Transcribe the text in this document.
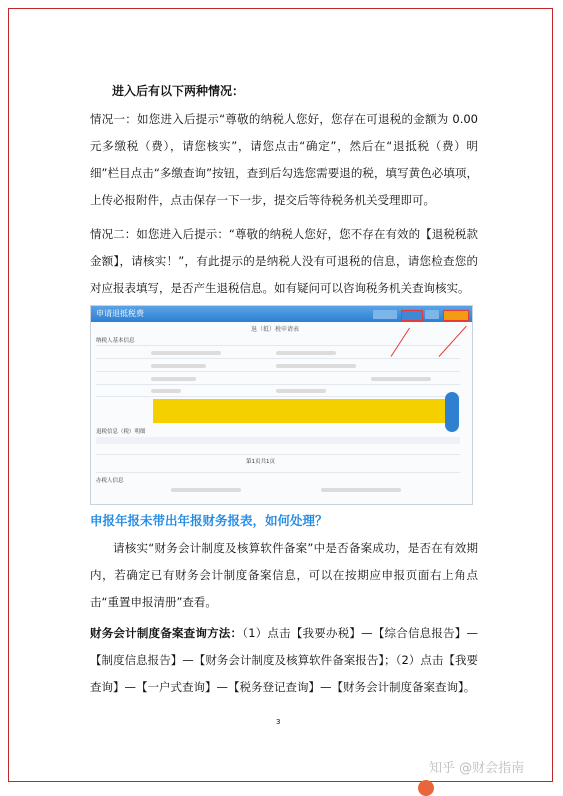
进入后有以下两种情况：
情况一：如您进入后提示“尊敬的纳税人您好，您存在可退税的金额为 0.00 元多缴税（费），请您核实”，请您点击“确定”，然后在“退抵税（费）明细”栏目点击“多缴查询”按钮，查到后勾选您需要退的税，填写黄色必填项，上传必报附件，点击保存一下一步，提交后等待税务机关受理即可。
情况二：如您进入后提示：“尊敬的纳税人您好，您不存在有效的【退税税款金额】，请核实！”，有此提示的是纳税人没有可退税的信息，请您检查您的对应报表填写，是否产生退税信息。如有疑问可以咨询税务机关查询核实。
申请退抵税费
退（抵）税申请表
纳税人基本信息
退税信息（税）明细
第1页共1页
办税人信息
申报年报未带出年报财务报表，如何处理？
请核实“财务会计制度及核算软件备案”中是否备案成功，是否在有效期内，若确定已有财务会计制度备案信息，可以在按期应申报页面右上角点击“重置申报清册”查看。
财务会计制度备案查询方法：（1）点击【我要办税】—【综合信息报告】—【制度信息报告】—【财务会计制度及核算软件备案报告】；（2）点击【我要查询】—【一户式查询】—【税务登记查询】—【财务会计制度备案查询】。
3
知乎 @财会指南
